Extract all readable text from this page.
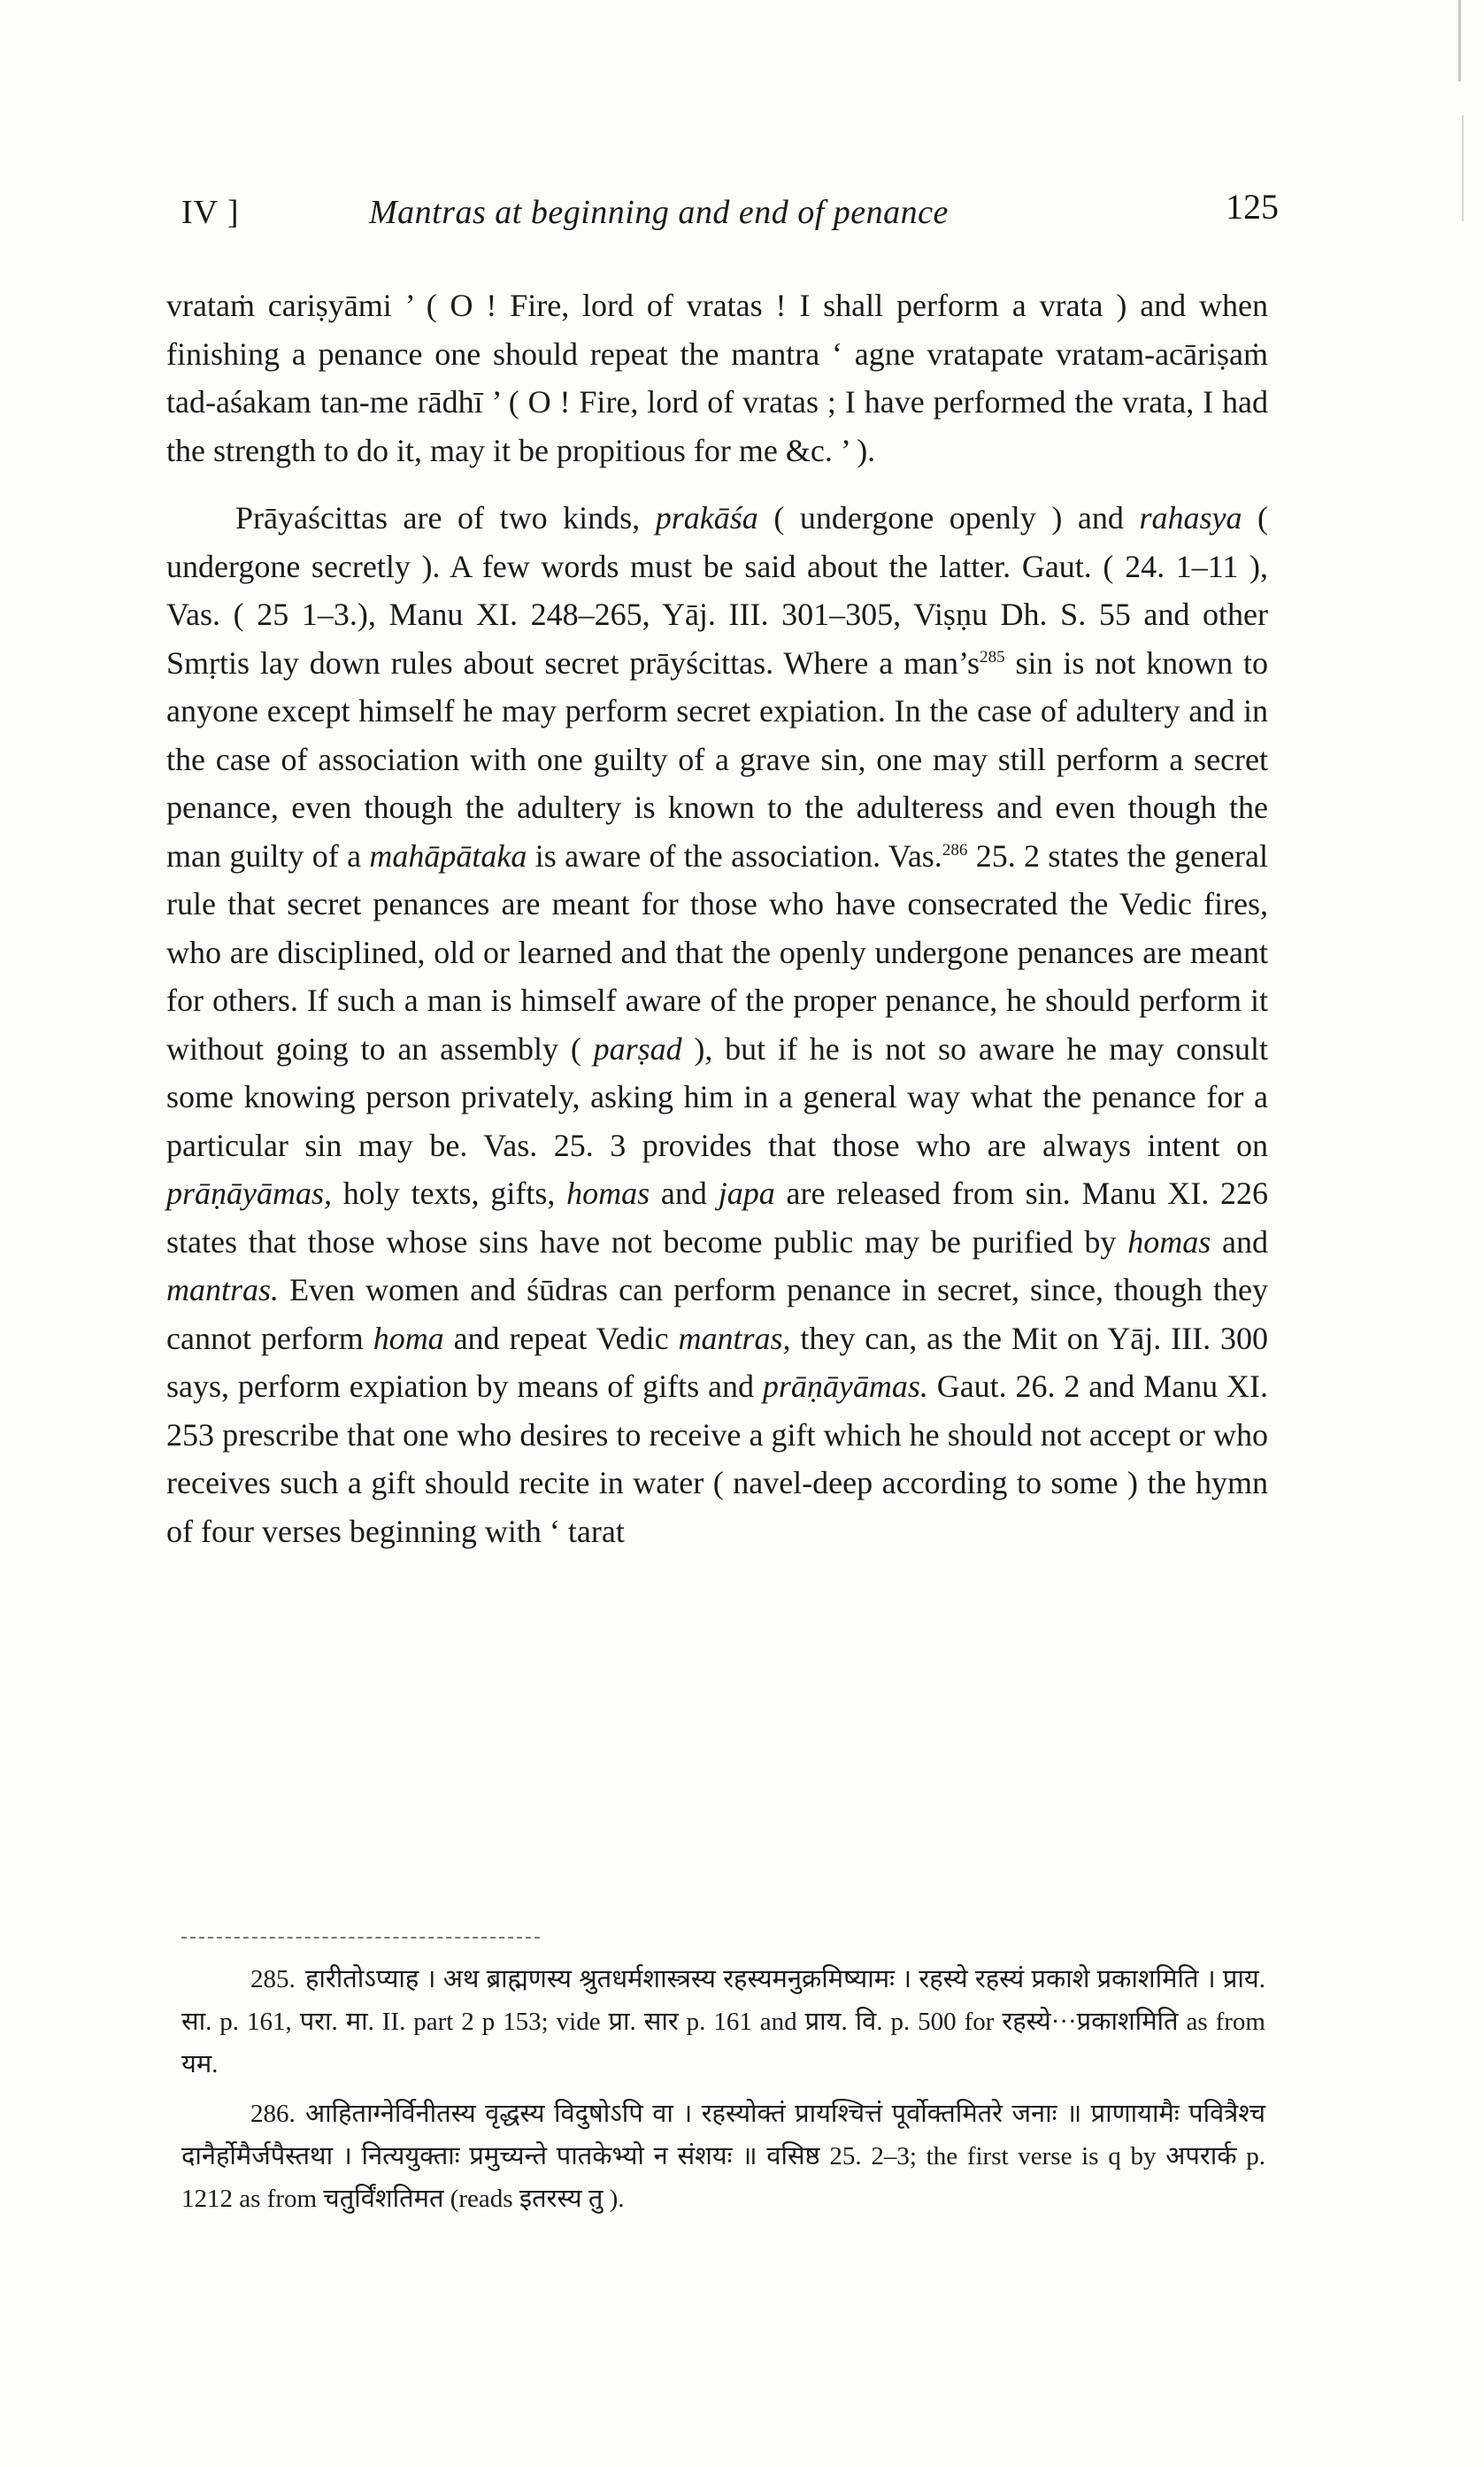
IV ]	Mantras at beginning and end of penance	125

vrataṁ cariṣyāmi ’ ( O ! Fire, lord of vratas ! I shall perform a vrata ) and when finishing a penance one should repeat the mantra ‘ agne vratapate vratam-acāriṣaṁ tad-aśakam tan-me rādhī ’ ( O ! Fire, lord of vratas ; I have performed the vrata, I had the strength to do it, may it be propitious for me &c. ’ ).

Prāyaścittas are of two kinds, prakāśa ( undergone openly ) and rahasya ( undergone secretly ). A few words must be said about the latter. Gaut. ( 24. 1–11 ), Vas. ( 25 1–3.), Manu XI. 248–265, Yāj. III. 301–305, Viṣṇu Dh. S. 55 and other Smṛtis lay down rules about secret prāyścittas. Where a $man’s^{285}$ sin is not known to anyone except himself he may perform secret expiation. In the case of adultery and in the case of association with one guilty of a grave sin, one may still perform a secret penance, even though the adultery is known to the adulteress and even though the man guilty of a mahāpātaka is aware of the association. Vas.$^{286}$ 25. 2 states the general rule that secret penances are meant for those who have consecrated the Vedic fires, who are disciplined, old or learned and that the openly undergone penances are meant for others. If such a man is himself aware of the proper penance, he should perform it without going to an assembly ( parṣad ), but if he is not so aware he may consult some knowing person privately, asking him in a general way what the penance for a particular sin may be. Vas. 25. 3 provides that those who are always intent on prāṇāyāmas, holy texts, gifts, homas and japa are released from sin. Manu XI. 226 states that those whose sins have not become public may be purified by homas and mantras. Even women and śūdras can perform penance in secret, since, though they cannot perform homa and repeat Vedic mantras, they can, as the Mit on Yāj. III. 300 says, perform expiation by means of gifts and prāṇāyāmas. Gaut. 26. 2 and Manu XI. 253 prescribe that one who desires to receive a gift which he should not accept or who receives such a gift should recite in water ( navel-deep according to some ) the hymn of four verses beginning with ‘ tarat

285. हारीतोऽप्याह । अथ ब्राह्मणस्य श्रुतधर्मशास्त्रस्य रहस्यमनुक्रमिष्यामः । रहस्ये रहस्यं प्रकाशे प्रकाशमिति । प्राय. सा. p. 161, परा. मा. II. part 2 p 153; vide प्रा. सार p. 161 and प्राय. वि. p. 500 for रहस्ये···प्रकाशमिति as from यम.

286. आहिताग्नेर्विनीतस्य वृद्धस्य विदुषोऽपि वा । रहस्योक्तं प्रायश्चित्तं पूर्वोक्तमितरे जनाः ॥ प्राणायामैः पवित्रैश्च दानैर्होमैर्जपैस्तथा । नित्ययुक्ताः प्रमुच्यन्ते पातकेभ्यो न संशयः ॥ वसिष्ठ 25. 2–3; the first verse is q by अपरार्क p. 1212 as from चतुर्विंशतिमत (reads इतरस्य तु ).
